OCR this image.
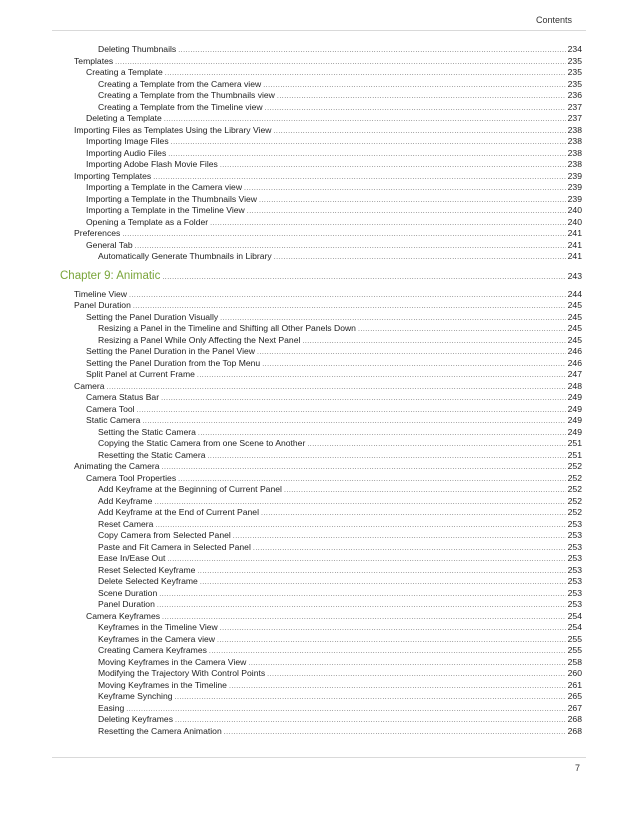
Contents
Deleting Thumbnails .....	234
Templates .....	235
Creating a Template .....	235
Creating a Template from the Camera view .....	235
Creating a Template from the Thumbnails view .....	236
Creating a Template from the Timeline view .....	237
Deleting a Template .....	237
Importing Files as Templates Using the Library View .....	238
Importing Image Files .....	238
Importing Audio Files .....	238
Importing Adobe Flash Movie Files .....	238
Importing Templates .....	239
Importing a Template in the Camera view .....	239
Importing a Template in the Thumbnails View .....	239
Importing a Template in the Timeline View .....	240
Opening a Template as a Folder .....	240
Preferences .....	241
General Tab .....	241
Automatically Generate Thumbnails in Library .....	241
Chapter 9: Animatic .....	243
Timeline View .....	244
Panel Duration .....	245
Setting the Panel Duration Visually .....	245
Resizing a Panel in the Timeline and Shifting all Other Panels Down .....	245
Resizing a Panel While Only Affecting the Next Panel .....	245
Setting the Panel Duration in the Panel View .....	246
Setting the Panel Duration from the Top Menu .....	246
Split Panel at Current Frame .....	247
Camera .....	248
Camera Status Bar .....	249
Camera Tool .....	249
Static Camera .....	249
Setting the Static Camera .....	249
Copying the Static Camera from one Scene to Another .....	251
Resetting the Static Camera .....	251
Animating the Camera .....	252
Camera Tool Properties .....	252
Add Keyframe at the Beginning of Current Panel .....	252
Add Keyframe .....	252
Add Keyframe at the End of Current Panel .....	252
Reset Camera .....	253
Copy Camera from Selected Panel .....	253
Paste and Fit Camera in Selected Panel .....	253
Ease In/Ease Out .....	253
Reset Selected Keyframe .....	253
Delete Selected Keyframe .....	253
Scene Duration .....	253
Panel Duration .....	253
Camera Keyframes .....	254
Keyframes in the Timeline View .....	254
Keyframes in the Camera view .....	255
Creating Camera Keyframes .....	255
Moving Keyframes in the Camera View .....	258
Modifying the Trajectory With Control Points .....	260
Moving Keyframes in the Timeline .....	261
Keyframe Synching .....	265
Easing .....	267
Deleting Keyframes .....	268
Resetting the Camera Animation .....	268
7
